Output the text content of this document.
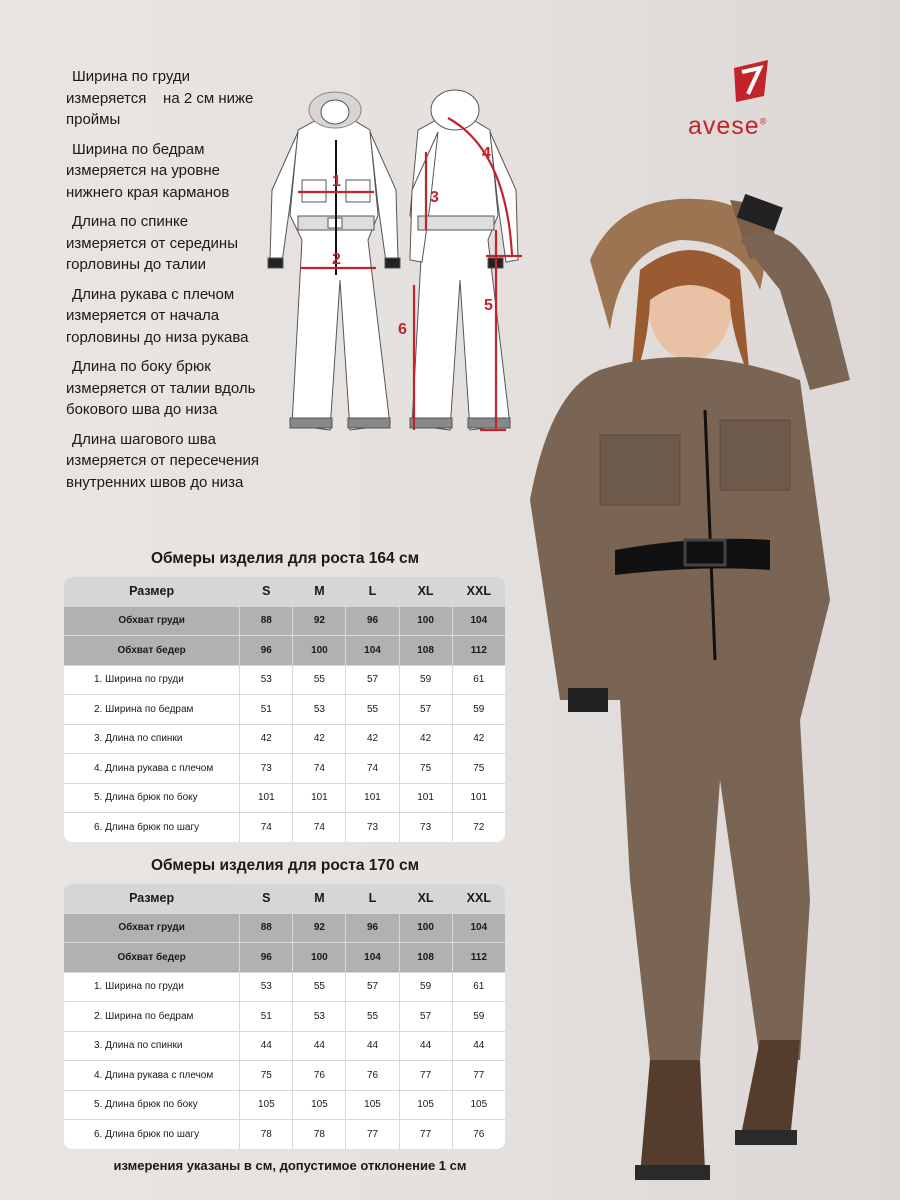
Ширина по груди
измеряется    на 2 см ниже
проймы
Ширина по бедрам
измеряется на уровне
нижнего края карманов
Длина по спинке
измеряется от середины
горловины до талии
Длина рукава с плечом
измеряется от начала
горловины до низа рукава
Длина по боку брюк
измеряется от талии вдоль
бокового шва до низа
Длина шагового шва
измеряется от пересечения
внутренних швов до низа
1
2
3
4
5
6
avese®
Обмеры изделия для роста 164 см
Размер	S	M	L	XL	XXL
Обхват груди	88	92	96	100	104
Обхват бедер	96	100	104	108	112
1. Ширина по груди	53	55	57	59	61
2. Ширина по бедрам	51	53	55	57	59
3. Длина по спинки	42	42	42	42	42
4. Длина рукава с плечом	73	74	74	75	75
5. Длина брюк по боку	101	101	101	101	101
6. Длина брюк по шагу	74	74	73	73	72
Обмеры изделия для роста 170 см
Размер	S	M	L	XL	XXL
Обхват груди	88	92	96	100	104
Обхват бедер	96	100	104	108	112
1. Ширина по груди	53	55	57	59	61
2. Ширина по бедрам	51	53	55	57	59
3. Длина по спинки	44	44	44	44	44
4. Длина рукава с плечом	75	76	76	77	77
5. Длина брюк по боку	105	105	105	105	105
6. Длина брюк по шагу	78	78	77	77	76
измерения указаны в см, допустимое отклонение 1 см
